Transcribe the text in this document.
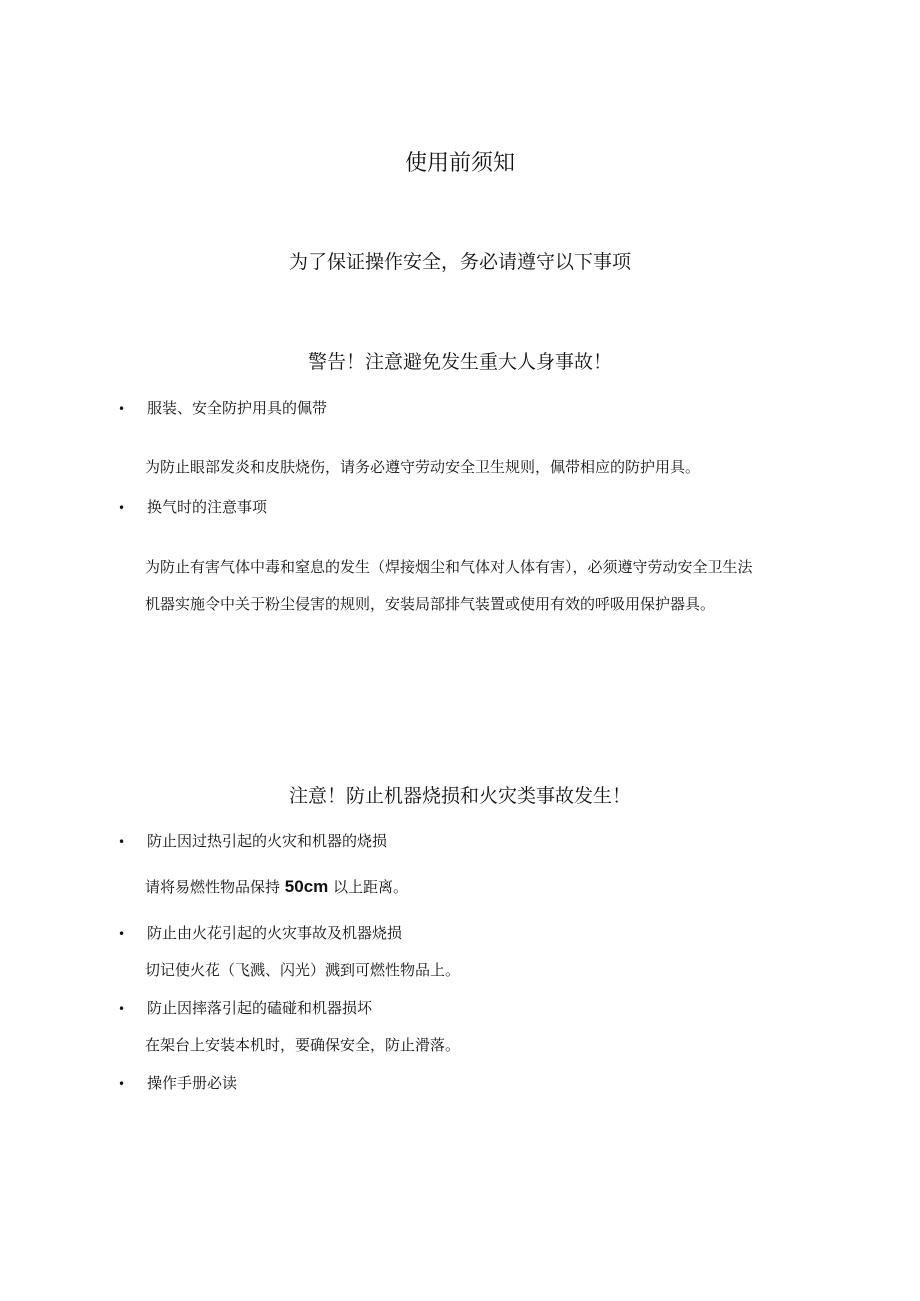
使用前须知
为了保证操作安全，务必请遵守以下事项
警告！注意避免发生重大人身事故！
• 服装、安全防护用具的佩带
为防止眼部发炎和皮肤烧伤，请务必遵守劳动安全卫生规则，佩带相应的防护用具。
• 换气时的注意事项
为防止有害气体中毒和窒息的发生（焊接烟尘和气体对人体有害），必须遵守劳动安全卫生法
机器实施令中关于粉尘侵害的规则，安装局部排气装置或使用有效的呼吸用保护器具。
注意！防止机器烧损和火灾类事故发生！
• 防止因过热引起的火灾和机器的烧损
请将易燃性物品保持 50cm 以上距离。
• 防止由火花引起的火灾事故及机器烧损
切记使火花（飞溅、闪光）溅到可燃性物品上。
• 防止因摔落引起的磕碰和机器损坏
在架台上安装本机时，要确保安全，防止滑落。
• 操作手册必读
